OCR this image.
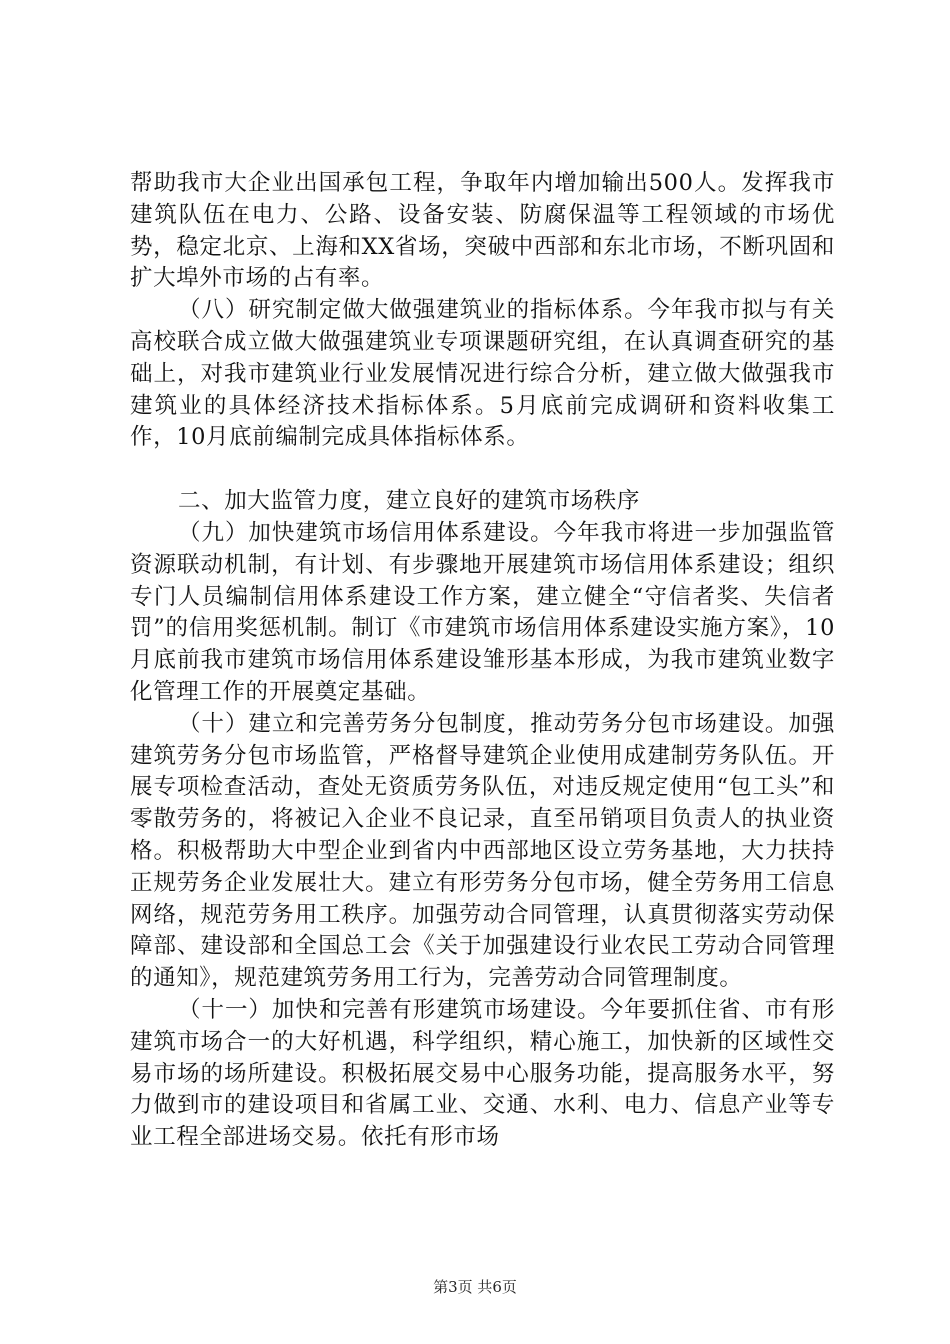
帮助我市大企业出国承包工程，争取年内增加输出500人。发挥我市建筑队伍在电力、公路、设备安装、防腐保温等工程领域的市场优势，稳定北京、上海和XX省场，突破中西部和东北市场，不断巩固和扩大埠外市场的占有率。

（八）研究制定做大做强建筑业的指标体系。今年我市拟与有关高校联合成立做大做强建筑业专项课题研究组，在认真调查研究的基础上，对我市建筑业行业发展情况进行综合分析，建立做大做强我市建筑业的具体经济技术指标体系。5月底前完成调研和资料收集工作，10月底前编制完成具体指标体系。

二、加大监管力度，建立良好的建筑市场秩序

（九）加快建筑市场信用体系建设。今年我市将进一步加强监管资源联动机制，有计划、有步骤地开展建筑市场信用体系建设；组织专门人员编制信用体系建设工作方案，建立健全“守信者奖、失信者罚”的信用奖惩机制。制订《市建筑市场信用体系建设实施方案》，10月底前我市建筑市场信用体系建设雏形基本形成，为我市建筑业数字化管理工作的开展奠定基础。

（十）建立和完善劳务分包制度，推动劳务分包市场建设。加强建筑劳务分包市场监管，严格督导建筑企业使用成建制劳务队伍。开展专项检查活动，查处无资质劳务队伍，对违反规定使用“包工头”和零散劳务的，将被记入企业不良记录，直至吊销项目负责人的执业资格。积极帮助大中型企业到省内中西部地区设立劳务基地，大力扶持正规劳务企业发展壮大。建立有形劳务分包市场，健全劳务用工信息网络，规范劳务用工秩序。加强劳动合同管理，认真贯彻落实劳动保障部、建设部和全国总工会《关于加强建设行业农民工劳动合同管理的通知》，规范建筑劳务用工行为，完善劳动合同管理制度。

（十一）加快和完善有形建筑市场建设。今年要抓住省、市有形建筑市场合一的大好机遇，科学组织，精心施工，加快新的区域性交易市场的场所建设。积极拓展交易中心服务功能，提高服务水平，努力做到市的建设项目和省属工业、交通、水利、电力、信息产业等专业工程全部进场交易。依托有形市场

第3页 共6页
